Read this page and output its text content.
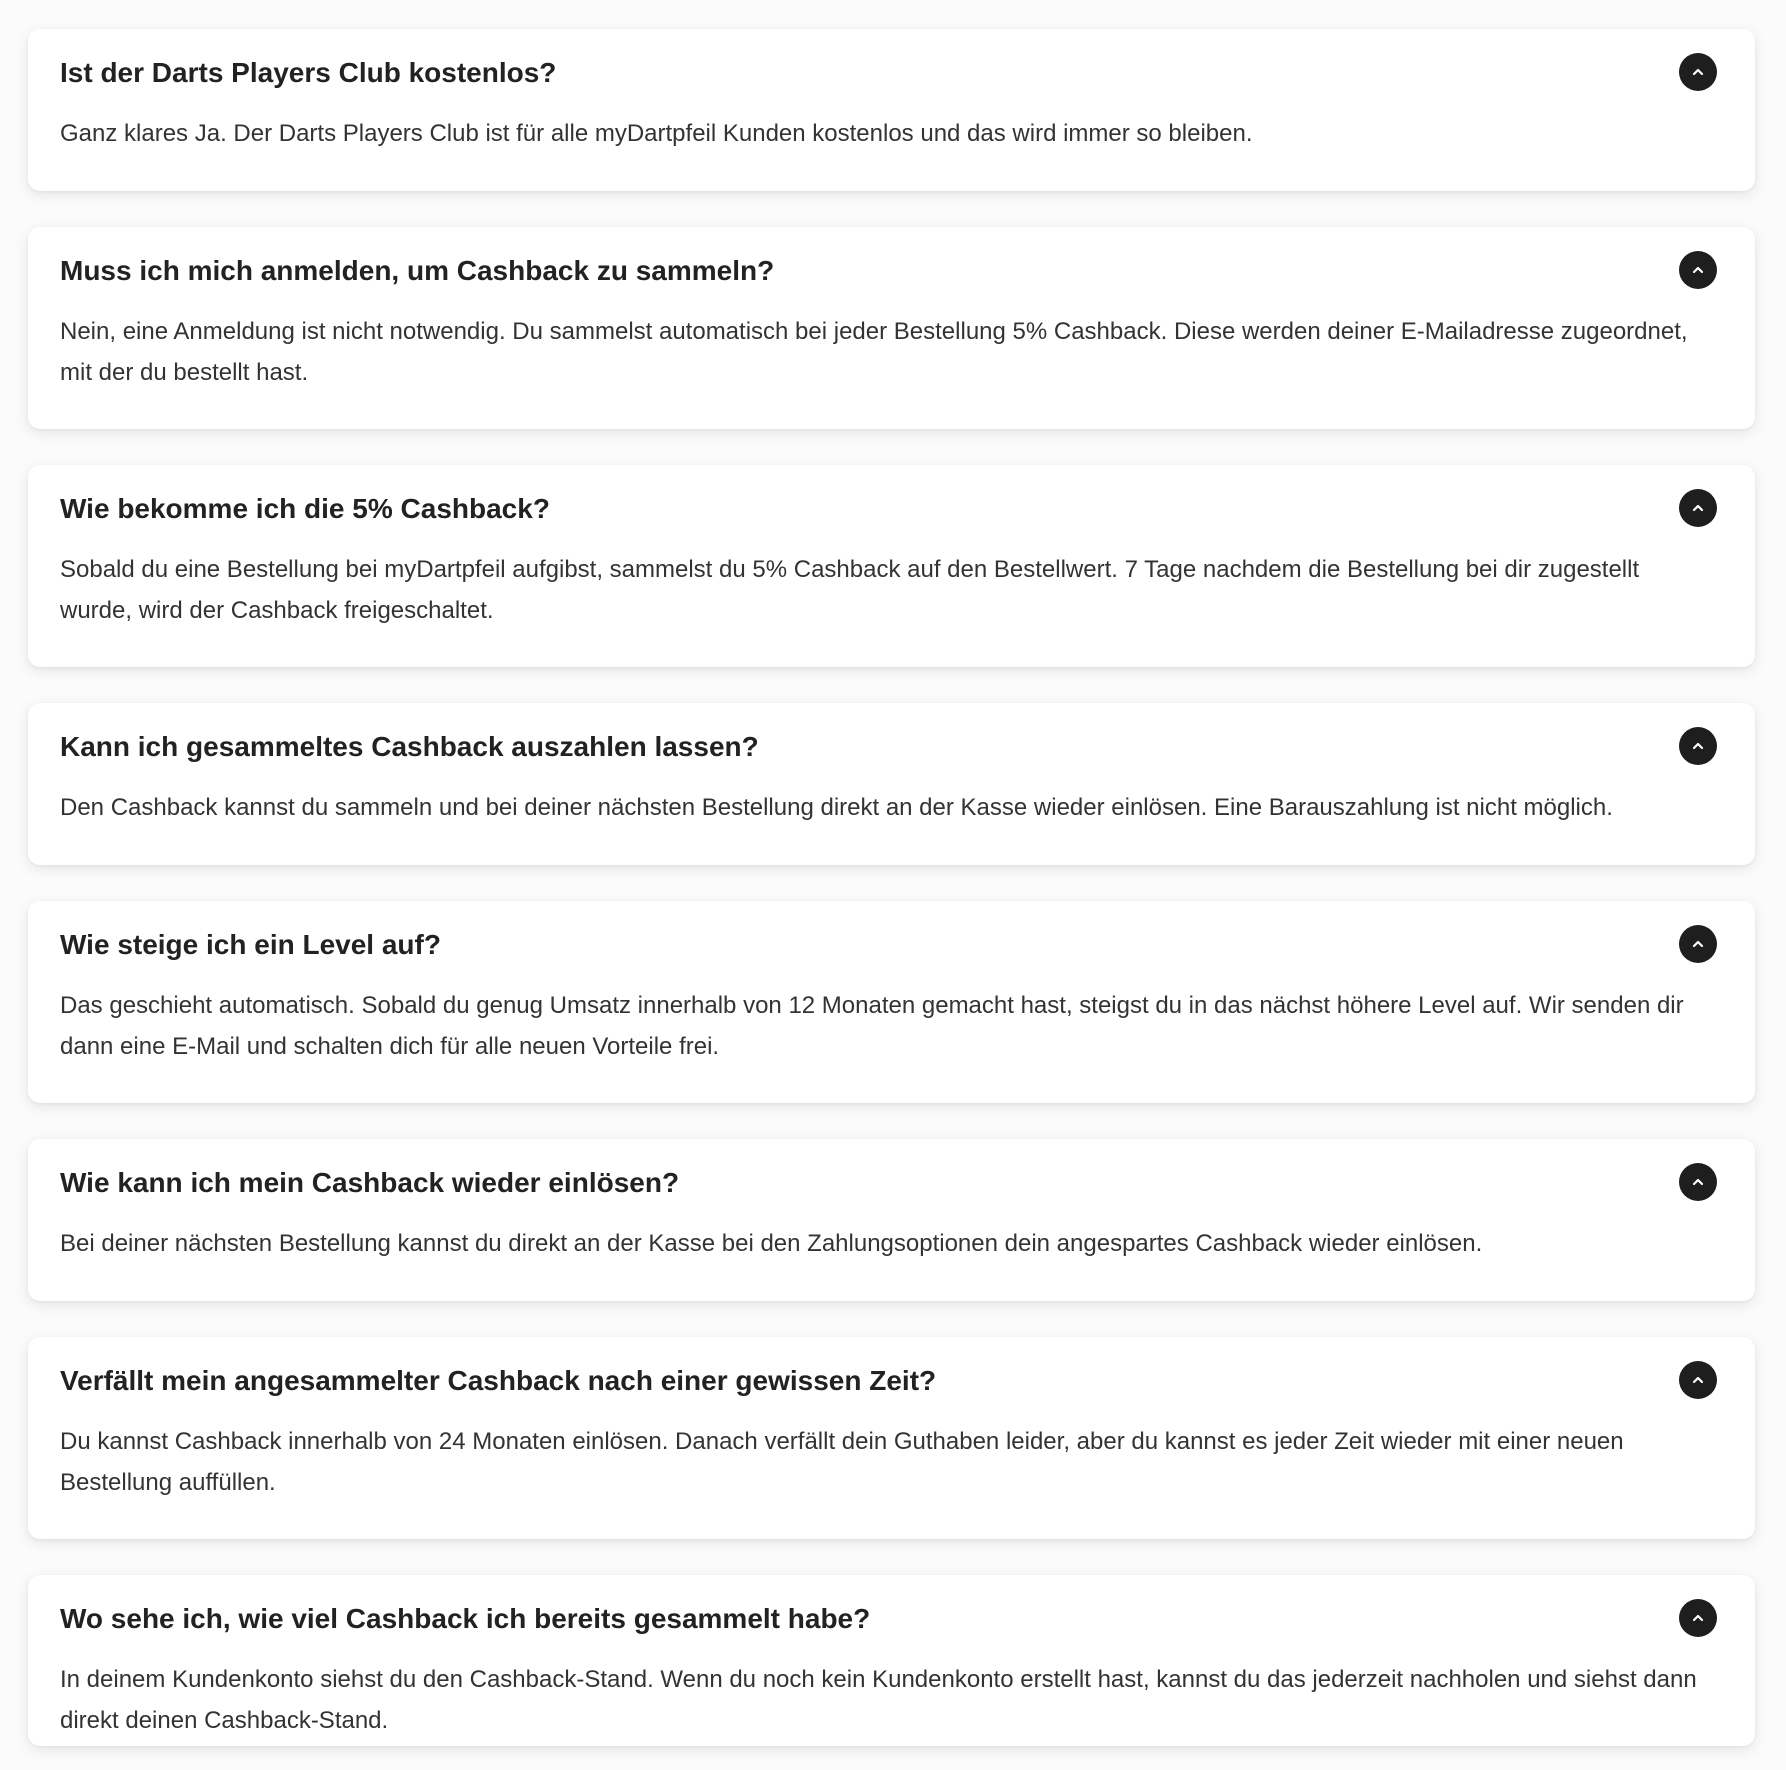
Ist der Darts Players Club kostenlos?
Ganz klares Ja. Der Darts Players Club ist für alle myDartpfeil Kunden kostenlos und das wird immer so bleiben.
Muss ich mich anmelden, um Cashback zu sammeln?
Nein, eine Anmeldung ist nicht notwendig. Du sammelst automatisch bei jeder Bestellung 5% Cashback. Diese werden deiner E-Mailadresse zugeordnet, mit der du bestellt hast.
Wie bekomme ich die 5% Cashback?
Sobald du eine Bestellung bei myDartpfeil aufgibst, sammelst du 5% Cashback auf den Bestellwert. 7 Tage nachdem die Bestellung bei dir zugestellt wurde, wird der Cashback freigeschaltet.
Kann ich gesammeltes Cashback auszahlen lassen?
Den Cashback kannst du sammeln und bei deiner nächsten Bestellung direkt an der Kasse wieder einlösen. Eine Barauszahlung ist nicht möglich.
Wie steige ich ein Level auf?
Das geschieht automatisch. Sobald du genug Umsatz innerhalb von 12 Monaten gemacht hast, steigst du in das nächst höhere Level auf. Wir senden dir dann eine E-Mail und schalten dich für alle neuen Vorteile frei.
Wie kann ich mein Cashback wieder einlösen?
Bei deiner nächsten Bestellung kannst du direkt an der Kasse bei den Zahlungsoptionen dein angespartes Cashback wieder einlösen.
Verfällt mein angesammelter Cashback nach einer gewissen Zeit?
Du kannst Cashback innerhalb von 24 Monaten einlösen. Danach verfällt dein Guthaben leider, aber du kannst es jeder Zeit wieder mit einer neuen Bestellung auffüllen.
Wo sehe ich, wie viel Cashback ich bereits gesammelt habe?
In deinem Kundenkonto siehst du den Cashback-Stand. Wenn du noch kein Kundenkonto erstellt hast, kannst du das jederzeit nachholen und siehst dann direkt deinen Cashback-Stand.
